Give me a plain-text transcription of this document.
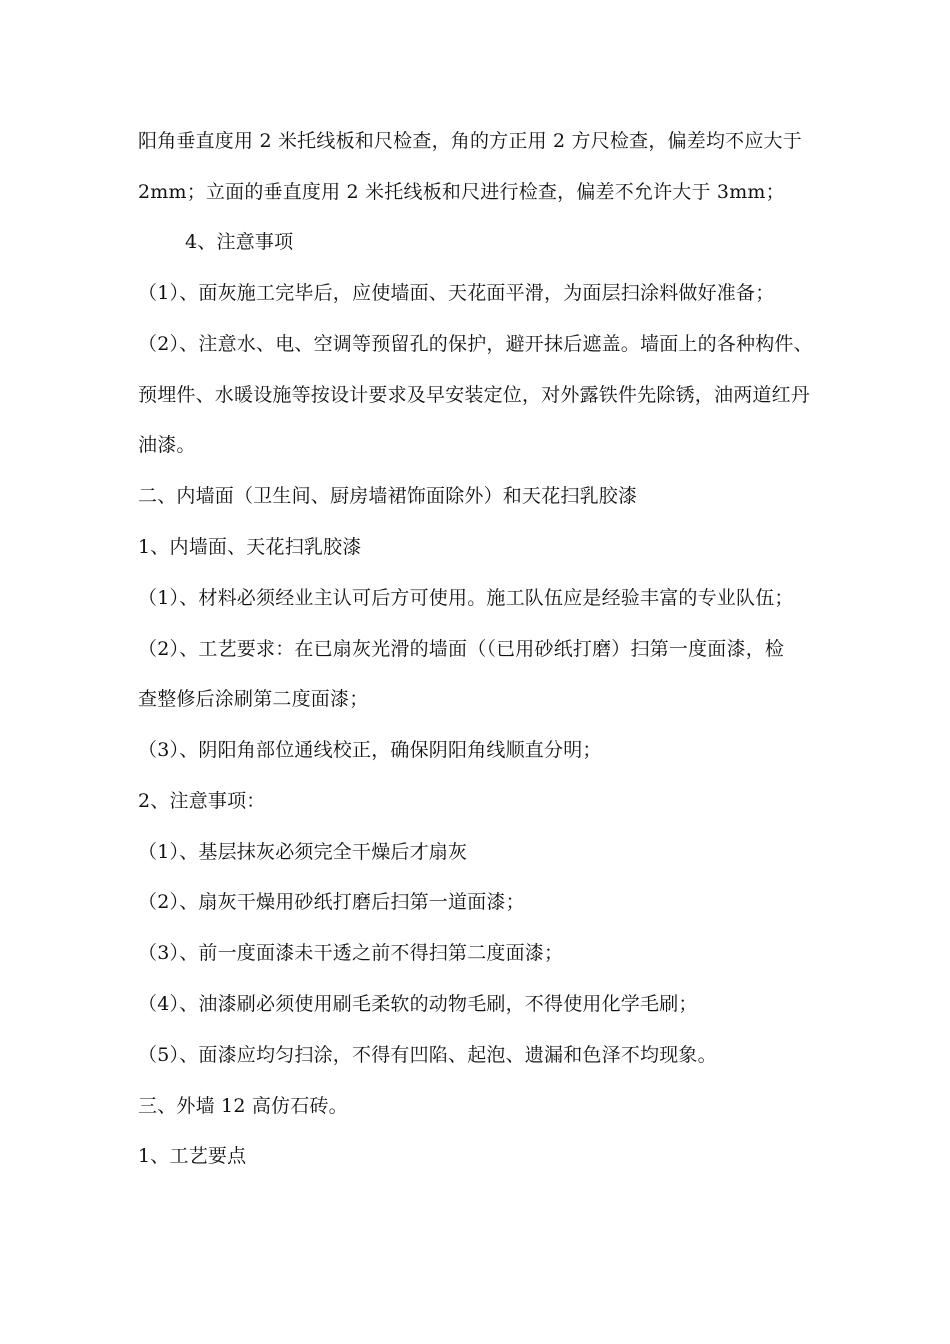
阳角垂直度用 2 米托线板和尺检查，角的方正用 2 方尺检查，偏差均不应大于
2mm；立面的垂直度用 2 米托线板和尺进行检查，偏差不允许大于 3mm；
4、注意事项
（1）、面灰施工完毕后，应使墙面、天花面平滑，为面层扫涂料做好准备；
（2）、注意水、电、空调等预留孔的保护，避开抹后遮盖。墙面上的各种构件、
预埋件、水暖设施等按设计要求及早安装定位，对外露铁件先除锈，油两道红丹
油漆。
二、内墙面（卫生间、厨房墙裙饰面除外）和天花扫乳胶漆
1、内墙面、天花扫乳胶漆
（1）、材料必须经业主认可后方可使用。施工队伍应是经验丰富的专业队伍；
（2）、工艺要求：在已扇灰光滑的墙面（（已用砂纸打磨）扫第一度面漆，检
查整修后涂刷第二度面漆；
（3）、阴阳角部位通线校正，确保阴阳角线顺直分明；
2、注意事项：
（1）、基层抹灰必须完全干燥后才扇灰
（2）、扇灰干燥用砂纸打磨后扫第一道面漆；
（3）、前一度面漆未干透之前不得扫第二度面漆；
（4）、油漆刷必须使用刷毛柔软的动物毛刷，不得使用化学毛刷；
（5）、面漆应均匀扫涂，不得有凹陷、起泡、遗漏和色泽不均现象。
三、外墙 12 高仿石砖。
1、工艺要点
